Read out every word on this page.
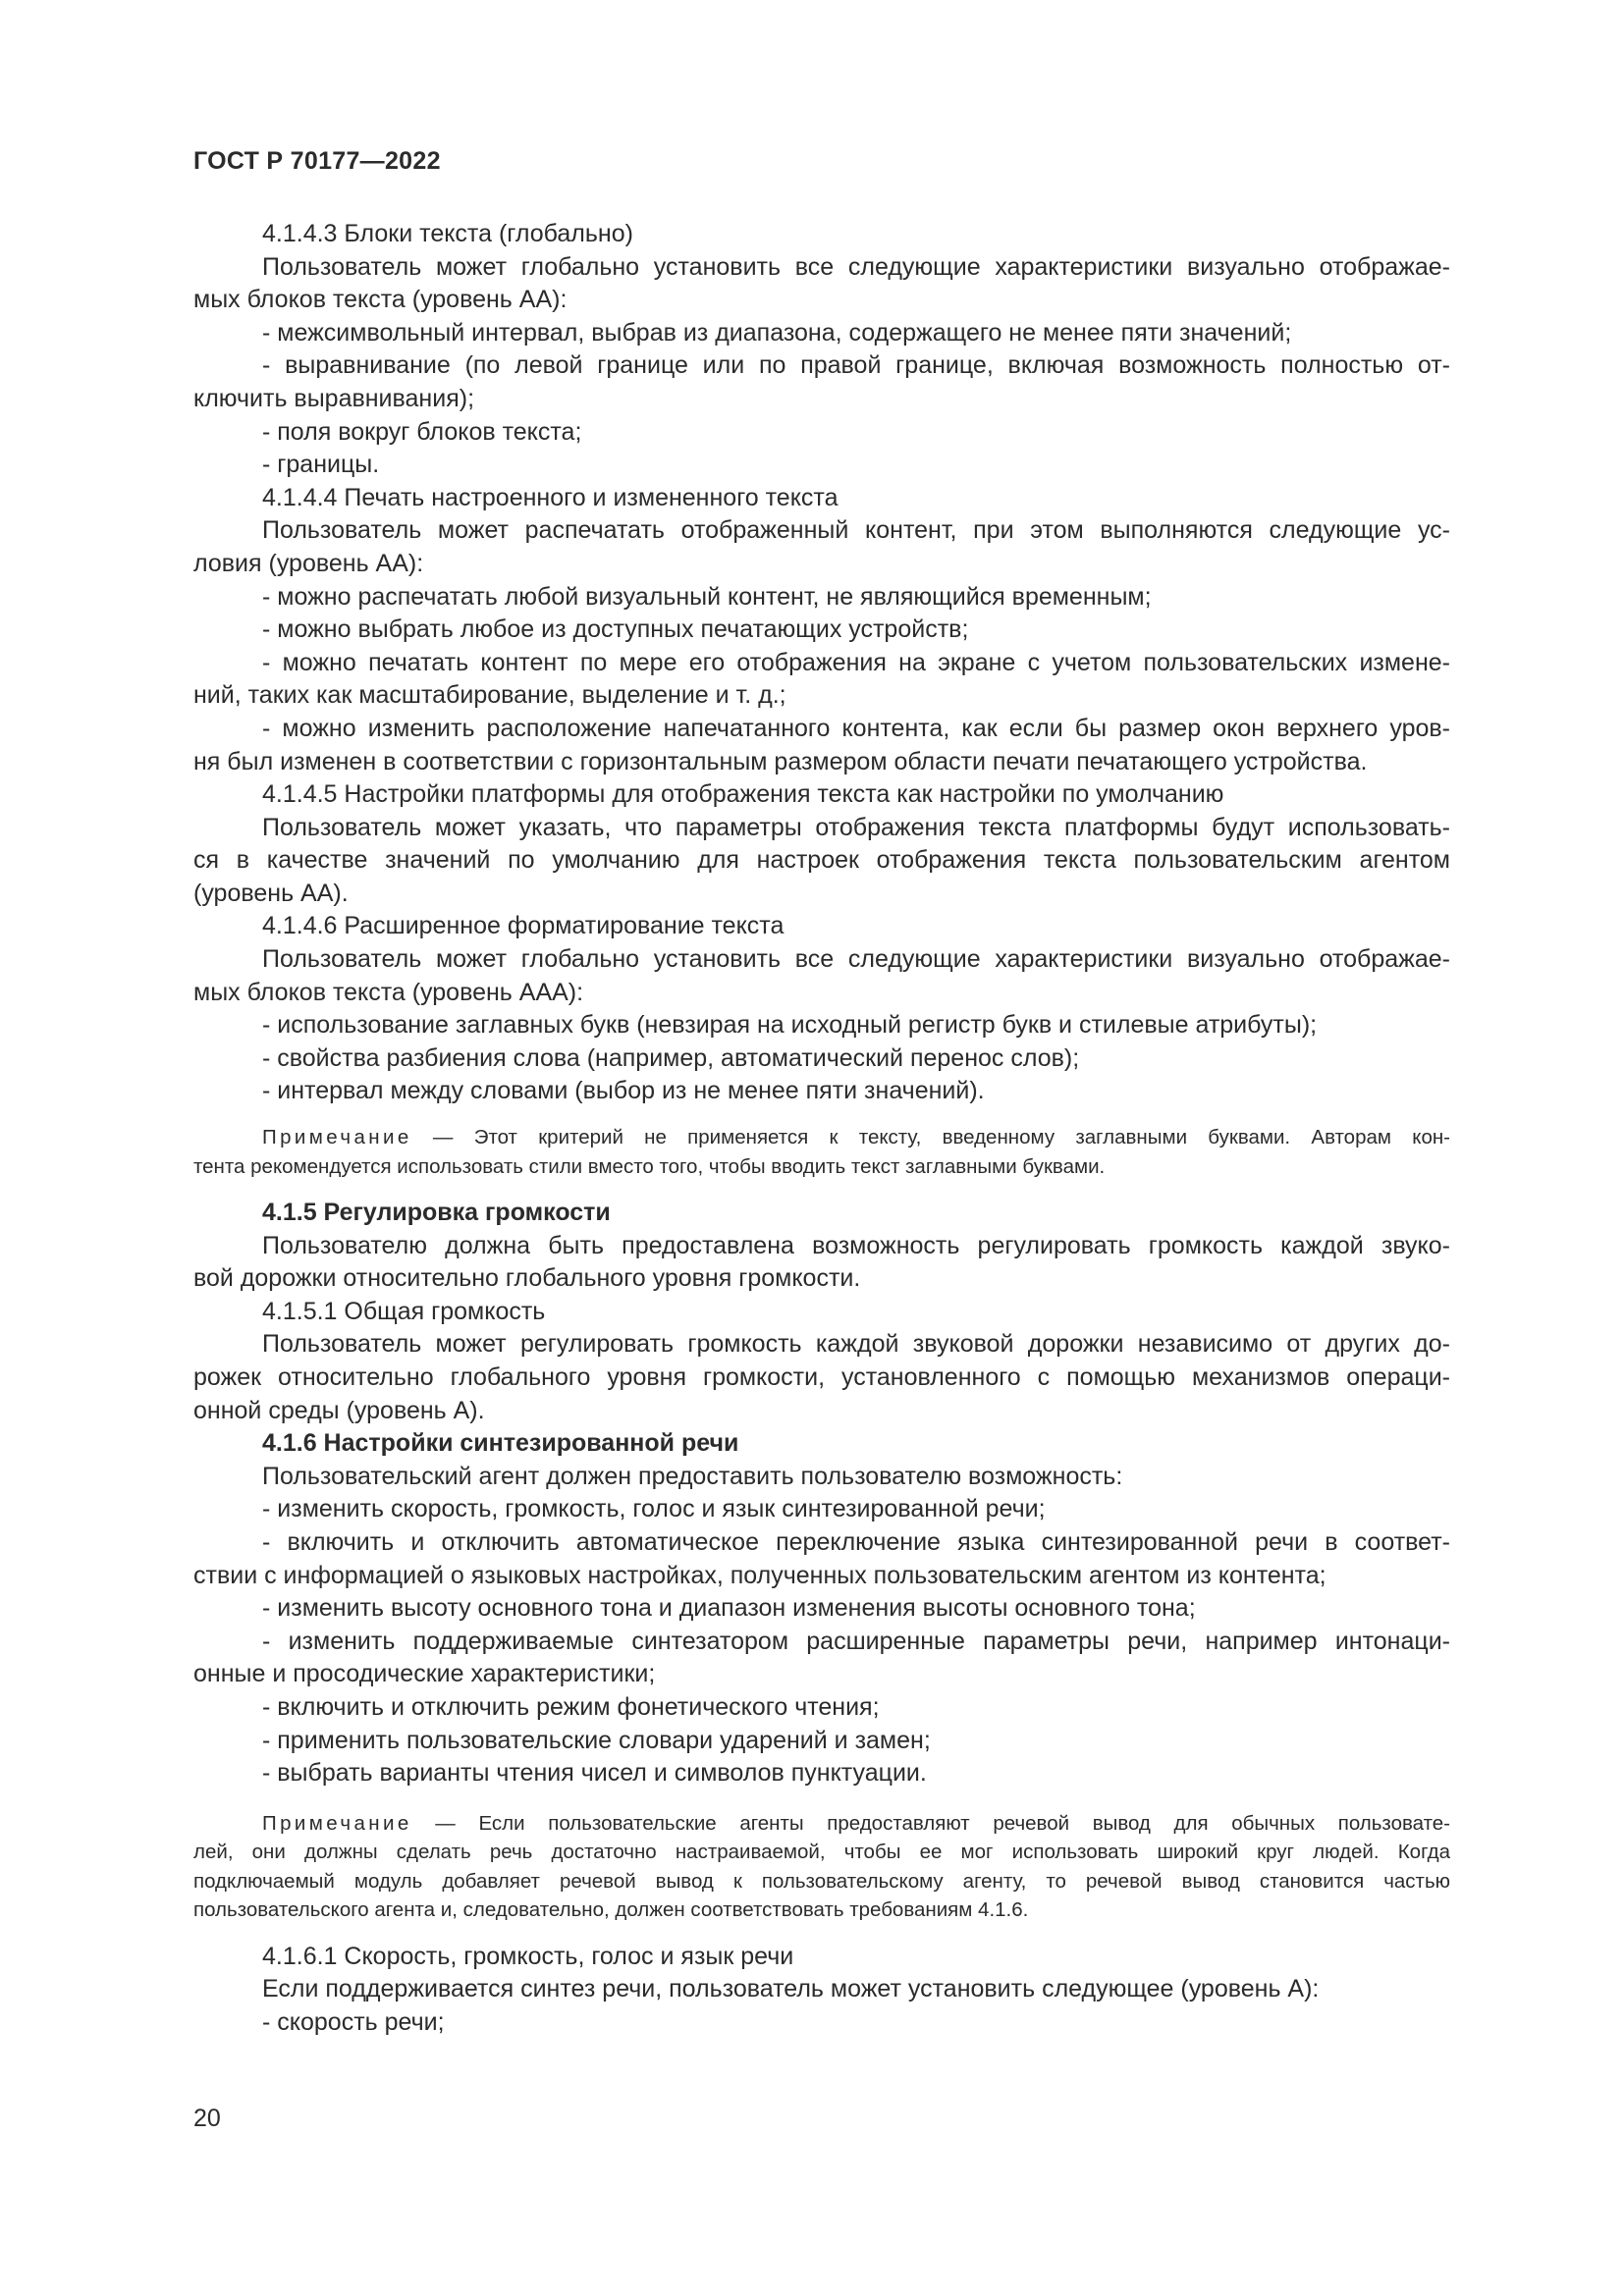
ГОСТ Р 70177—2022
4.1.4.3 Блоки текста (глобально)
Пользователь может глобально установить все следующие характеристики визуально отображае-
мых блоков текста (уровень АА):
- межсимвольный интервал, выбрав из диапазона, содержащего не менее пяти значений;
- выравнивание (по левой границе или по правой границе, включая возможность полностью от-
ключить выравнивания);
- поля вокруг блоков текста;
- границы.
4.1.4.4 Печать настроенного и измененного текста
Пользователь может распечатать отображенный контент, при этом выполняются следующие ус-
ловия (уровень АА):
- можно распечатать любой визуальный контент, не являющийся временным;
- можно выбрать любое из доступных печатающих устройств;
- можно печатать контент по мере его отображения на экране с учетом пользовательских измене-
ний, таких как масштабирование, выделение и т. д.;
- можно изменить расположение напечатанного контента, как если бы размер окон верхнего уров-
ня был изменен в соответствии с горизонтальным размером области печати печатающего устройства.
4.1.4.5 Настройки платформы для отображения текста как настройки по умолчанию
Пользователь может указать, что параметры отображения текста платформы будут использовать-
ся в качестве значений по умолчанию для настроек отображения текста пользовательским агентом
(уровень АА).
4.1.4.6 Расширенное форматирование текста
Пользователь может глобально установить все следующие характеристики визуально отображае-
мых блоков текста (уровень ААА):
- использование заглавных букв (невзирая на исходный регистр букв и стилевые атрибуты);
- свойства разбиения слова (например, автоматический перенос слов);
- интервал между словами (выбор из не менее пяти значений).
Примечание — Этот критерий не применяется к тексту, введенному заглавными буквами. Авторам кон-
тента рекомендуется использовать стили вместо того, чтобы вводить текст заглавными буквами.
4.1.5 Регулировка громкости
Пользователю должна быть предоставлена возможность регулировать громкость каждой звуко-
вой дорожки относительно глобального уровня громкости.
4.1.5.1 Общая громкость
Пользователь может регулировать громкость каждой звуковой дорожки независимо от других до-
рожек относительно глобального уровня громкости, установленного с помощью механизмов операци-
онной среды (уровень А).
4.1.6 Настройки синтезированной речи
Пользовательский агент должен предоставить пользователю возможность:
- изменить скорость, громкость, голос и язык синтезированной речи;
- включить и отключить автоматическое переключение языка синтезированной речи в соответ-
ствии с информацией о языковых настройках, полученных пользовательским агентом из контента;
- изменить высоту основного тона и диапазон изменения высоты основного тона;
- изменить поддерживаемые синтезатором расширенные параметры речи, например интонаци-
онные и просодические характеристики;
- включить и отключить режим фонетического чтения;
- применить пользовательские словари ударений и замен;
- выбрать варианты чтения чисел и символов пунктуации.
Примечание — Если пользовательские агенты предоставляют речевой вывод для обычных пользовате-
лей, они должны сделать речь достаточно настраиваемой, чтобы ее мог использовать широкий круг людей. Когда
подключаемый модуль добавляет речевой вывод к пользовательскому агенту, то речевой вывод становится частью
пользовательского агента и, следовательно, должен соответствовать требованиям 4.1.6.
4.1.6.1 Скорость, громкость, голос и язык речи
Если поддерживается синтез речи, пользователь может установить следующее (уровень А):
- скорость речи;
20
